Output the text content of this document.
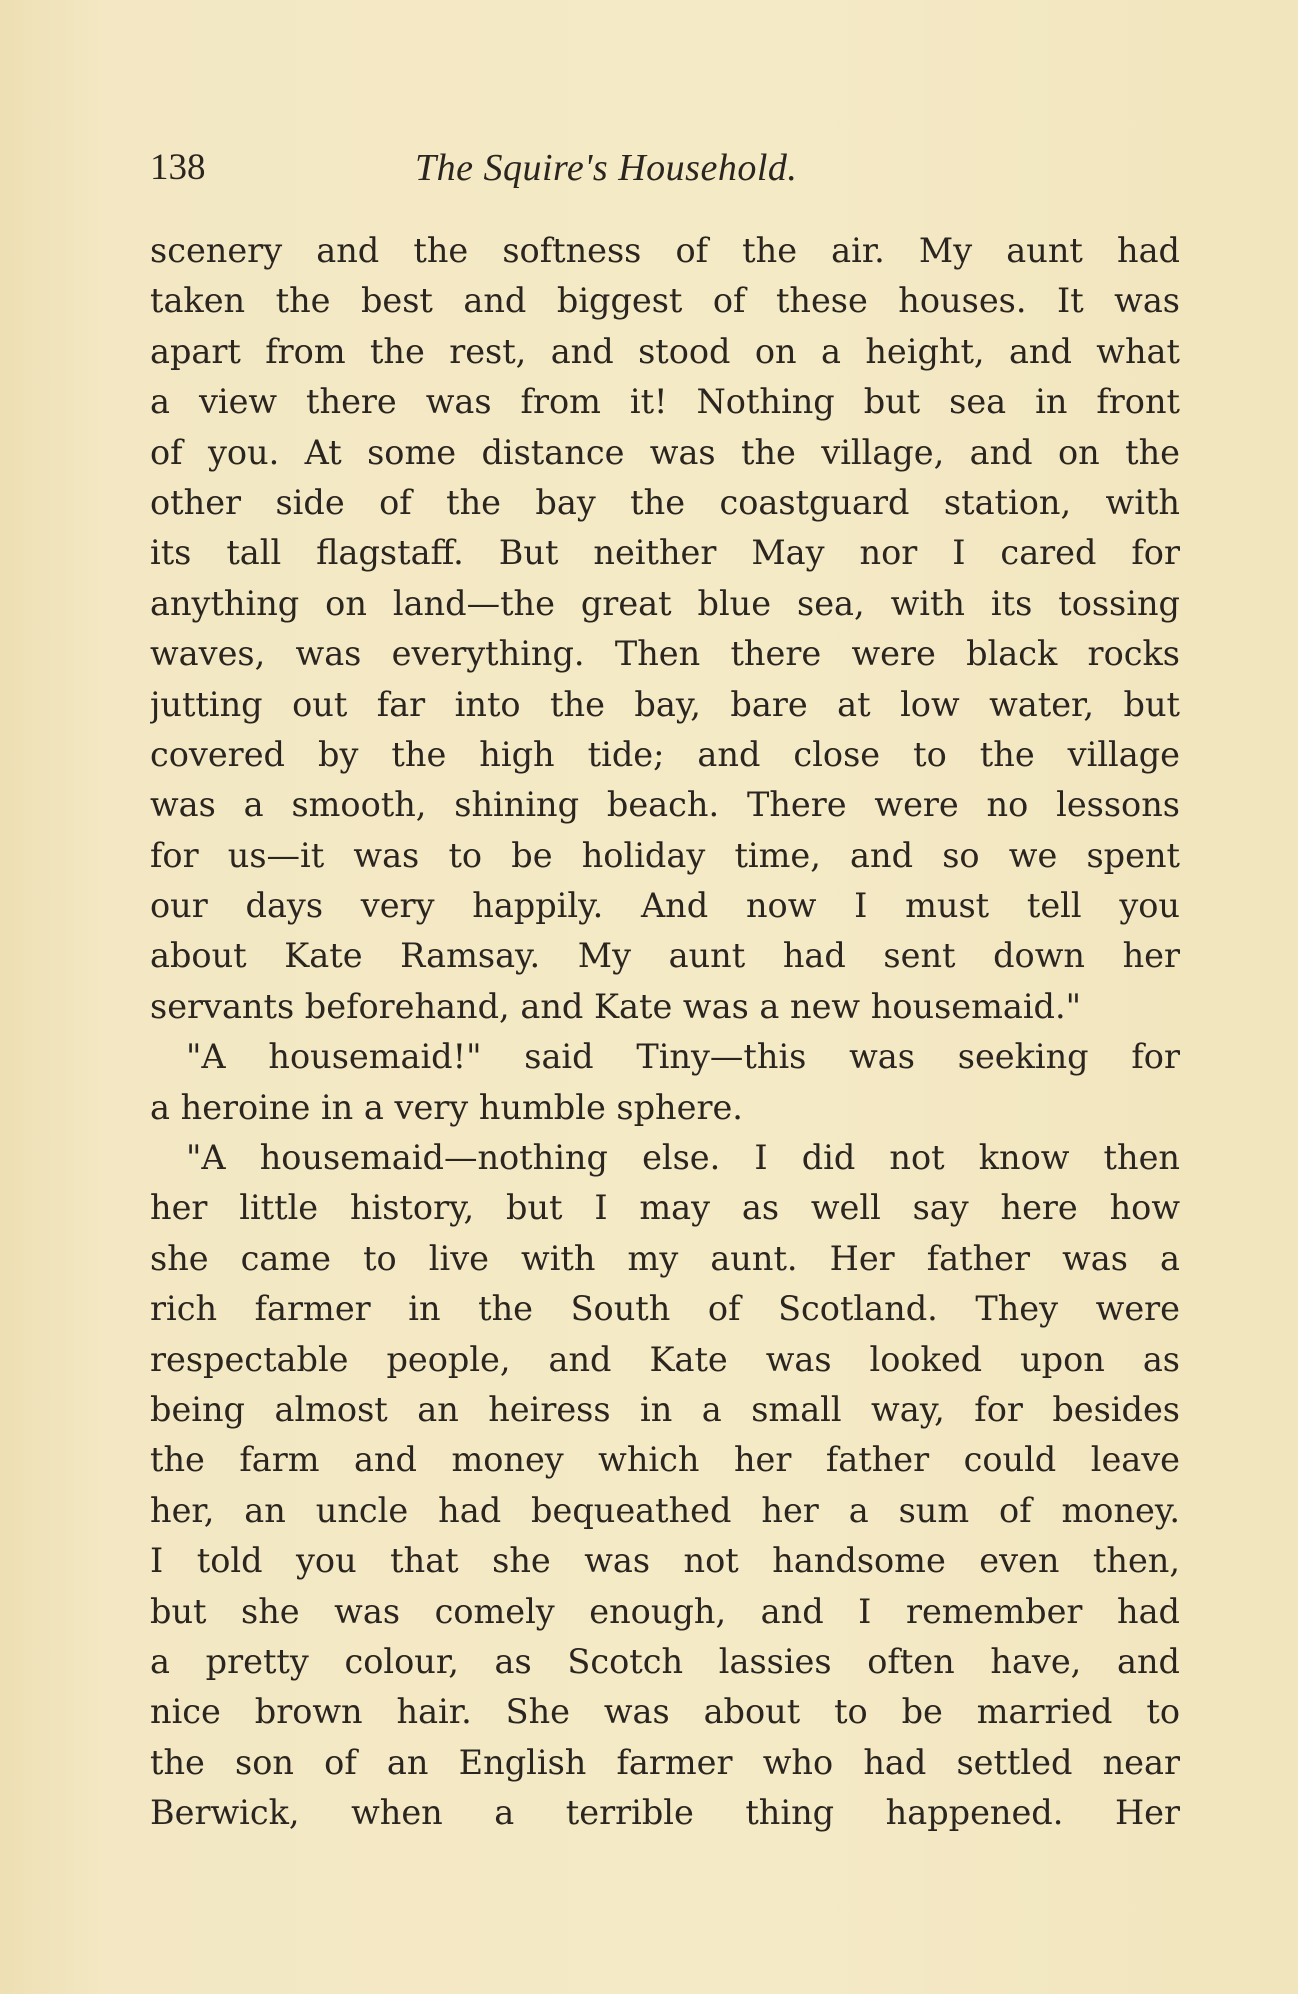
138	The Squire's Household.
scenery and the softness of the air. My aunt had
taken the best and biggest of these houses. It was
apart from the rest, and stood on a height, and what
a view there was from it! Nothing but sea in front
of you. At some distance was the village, and on the
other side of the bay the coastguard station, with
its tall flagstaff. But neither May nor I cared for
anything on land—the great blue sea, with its tossing
waves, was everything. Then there were black rocks
jutting out far into the bay, bare at low water, but
covered by the high tide; and close to the village
was a smooth, shining beach. There were no lessons
for us—it was to be holiday time, and so we spent
our days very happily. And now I must tell you
about Kate Ramsay. My aunt had sent down her
servants beforehand, and Kate was a new housemaid."
"A housemaid!" said Tiny—this was seeking for
a heroine in a very humble sphere.
"A housemaid—nothing else. I did not know then
her little history, but I may as well say here how
she came to live with my aunt. Her father was a
rich farmer in the South of Scotland. They were
respectable people, and Kate was looked upon as
being almost an heiress in a small way, for besides
the farm and money which her father could leave
her, an uncle had bequeathed her a sum of money.
I told you that she was not handsome even then,
but she was comely enough, and I remember had
a pretty colour, as Scotch lassies often have, and
nice brown hair. She was about to be married to
the son of an English farmer who had settled near
Berwick, when a terrible thing happened. Her
